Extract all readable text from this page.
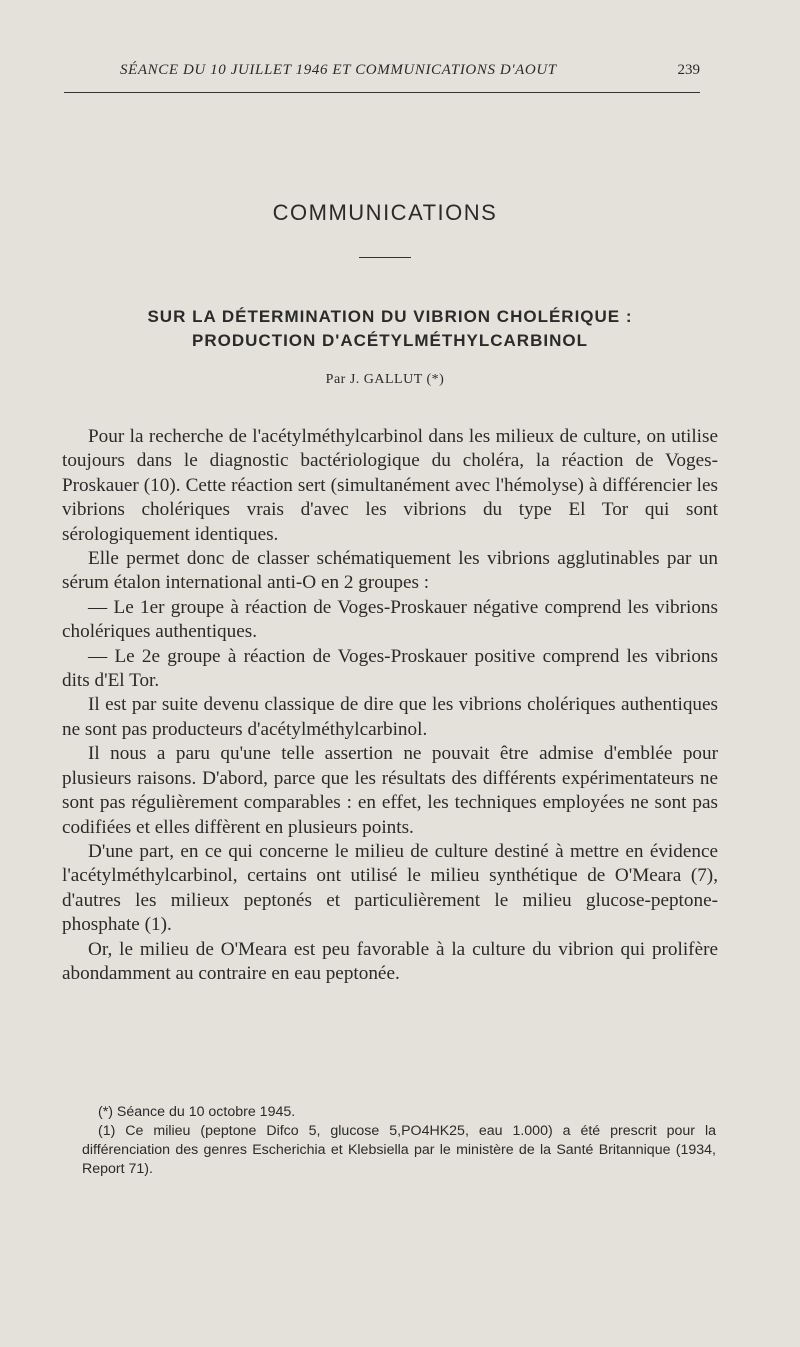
SÉANCE DU 10 JUILLET 1946 ET COMMUNICATIONS D'AOUT	239
COMMUNICATIONS
SUR LA DÉTERMINATION DU VIBRION CHOLÉRIQUE :
PRODUCTION D'ACÉTYLMÉTHYLCARBINOL
Par J. GALLUT (*)

Pour la recherche de l'acétylméthylcarbinol dans les milieux de culture, on utilise toujours dans le diagnostic bactériologique du choléra, la réaction de Voges-Proskauer (10). Cette réaction sert (simultanément avec l'hémolyse) à différencier les vibrions cholériques vrais d'avec les vibrions du type El Tor qui sont sérologiquement identiques.

Elle permet donc de classer schématiquement les vibrions agglutinables par un sérum étalon international anti-O en 2 groupes :

— Le 1er groupe à réaction de Voges-Proskauer négative comprend les vibrions cholériques authentiques.

— Le 2e groupe à réaction de Voges-Proskauer positive comprend les vibrions dits d'El Tor.

Il est par suite devenu classique de dire que les vibrions cholériques authentiques ne sont pas producteurs d'acétylméthylcarbinol.

Il nous a paru qu'une telle assertion ne pouvait être admise d'emblée pour plusieurs raisons. D'abord, parce que les résultats des différents expérimentateurs ne sont pas régulièrement comparables : en effet, les techniques employées ne sont pas codifiées et elles diffèrent en plusieurs points.

D'une part, en ce qui concerne le milieu de culture destiné à mettre en évidence l'acétylméthylcarbinol, certains ont utilisé le milieu synthétique de O'Meara (7), d'autres les milieux peptonés et particulièrement le milieu glucose-peptone-phosphate (1).

Or, le milieu de O'Meara est peu favorable à la culture du vibrion qui prolifère abondamment au contraire en eau peptonée.

(*) Séance du 10 octobre 1945.

(1) Ce milieu (peptone Difco 5, glucose 5,PO4HK25, eau 1.000) a été prescrit pour la différenciation des genres Escherichia et Klebsiella par le ministère de la Santé Britannique (1934, Report 71).
